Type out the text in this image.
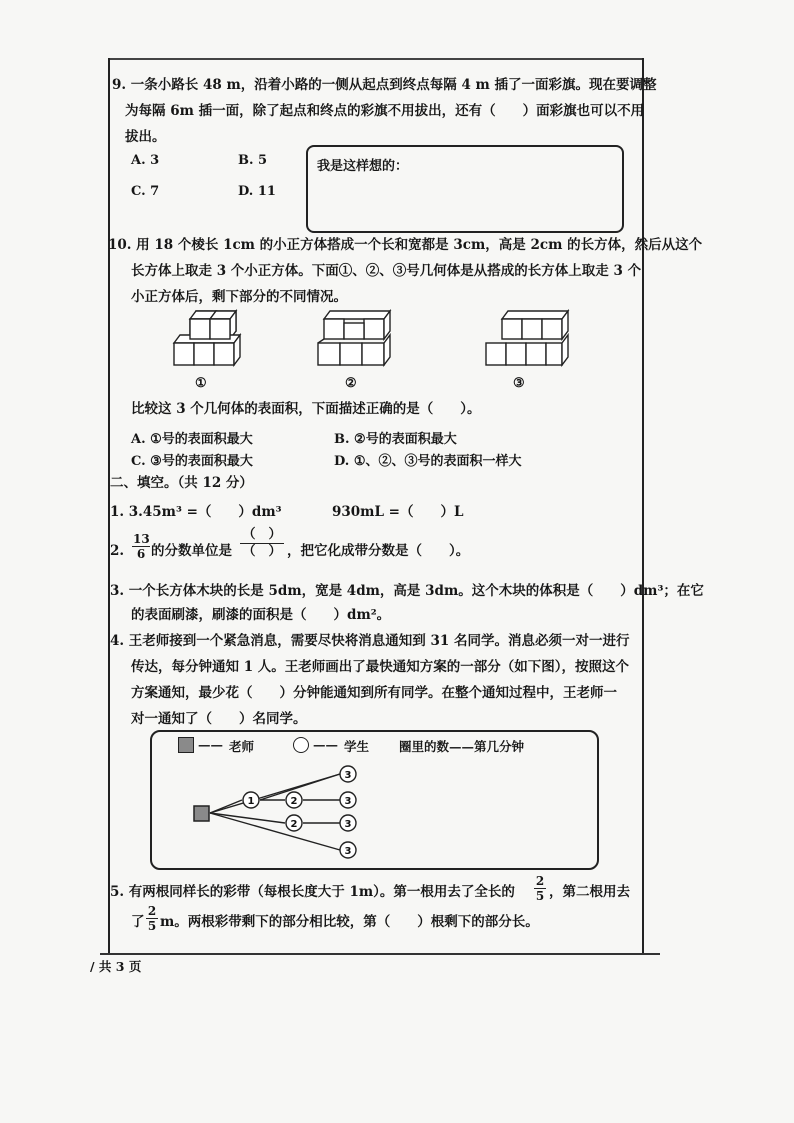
9. 一条小路长 48 m，沿着小路的一侧从起点到终点每隔 4 m 插了一面彩旗。现在要调整
为每隔 6m 插一面，除了起点和终点的彩旗不用拔出，还有（　　）面彩旗也可以不用
拔出。
A. 3	B. 5
C. 7	D. 11
我是这样想的：
10. 用 18 个棱长 1cm 的小正方体搭成一个长和宽都是 3cm，高是 2cm 的长方体，然后从这个
长方体上取走 3 个小正方体。下面①、②、③号几何体是从搭成的长方体上取走 3 个
小正方体后，剩下部分的不同情况。
①	②	③
比较这 3 个几何体的表面积，下面描述正确的是（　　）。
A. ①号的表面积最大	B. ②号的表面积最大
C. ③号的表面积最大	D. ①、②、③号的表面积一样大
二、填空。（共 12 分）
1. 3.45m³ =（　　）dm³	930mL =（　　）L
2. $\frac{13}{6}$ 的分数单位是
（　）
（　） ，把它化成带分数是（　　）。
3. 一个长方体木块的长是 5dm，宽是 4dm，高是 3dm。这个木块的体积是（　　）dm³；在它
的表面刷漆，刷漆的面积是（　　）dm²。
4. 王老师接到一个紧急消息，需要尽快将消息通知到 31 名同学。消息必须一对一进行
传达，每分钟通知 1 人。王老师画出了最快通知方案的一部分（如下图），按照这个
方案通知，最少花（　　）分钟能通知到所有同学。在整个通知过程中，王老师一
对一通知了（　　）名同学。
—— 老师	—— 学生 圈里的数——第几分钟
3
1	2	3
2	3
3
5. 有两根同样长的彩带（每根长度大于 1m）。第一根用去了全长的 $\frac{2}{5}$ ，第二根用去
了 $\frac{2}{5}$ m。两根彩带剩下的部分相比较，第（　　）根剩下的部分长。
/ 共 3 页
